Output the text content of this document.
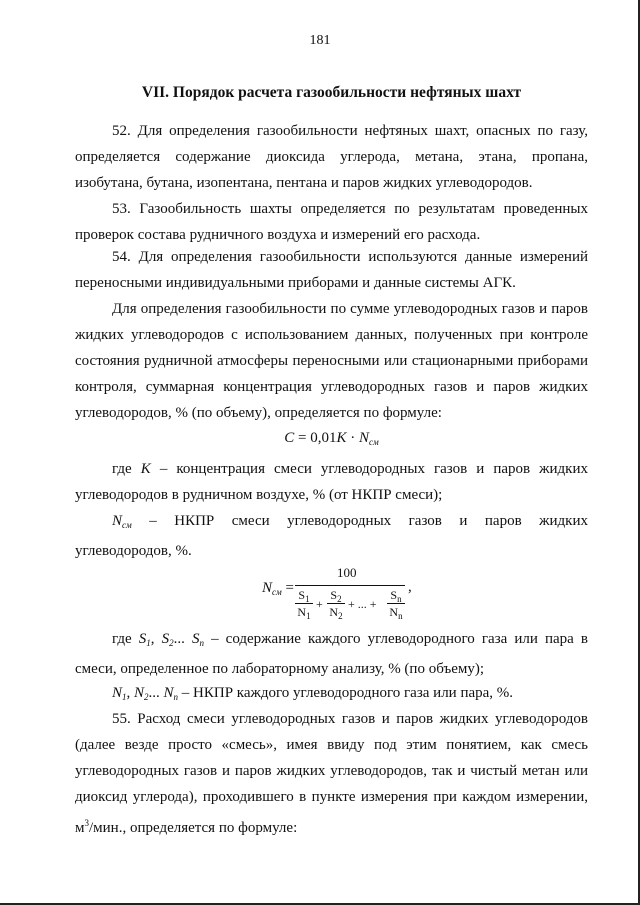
181
VII. Порядок расчета газообильности нефтяных шахт
52. Для определения газообильности нефтяных шахт, опасных по газу, определяется содержание диоксида углерода, метана, этана, пропана, изобутана, бутана, изопентана, пентана и паров жидких углеводородов.
53. Газообильность шахты определяется по результатам проведенных проверок состава рудничного воздуха и измерений его расхода.
54. Для определения газообильности используются данные измерений переносными индивидуальными приборами и данные системы АГК.
Для определения газообильности по сумме углеводородных газов и паров жидких углеводородов с использованием данных, полученных при контроле состояния рудничной атмосферы переносными или стационарными приборами контроля, суммарная концентрация углеводородных газов и паров жидких углеводородов, % (по объему), определяется по формуле:
$C = 0,01K \cdot N_{см}$
где K – концентрация смеси углеводородных газов и паров жидких углеводородов в рудничном воздухе, % (от НКПР смеси);
$N_{см}$ – НКПР смеси углеводородных газов и паров жидких
углеводородов, %.
$N_{см}$ =
100
$\frac{S_1}{N_1} + \frac{S_2}{N_2}$ + ... + $\frac{S_n}{N_n}$ ,
где $S_1$, $S_2$... $S_n$ – содержание каждого углеводородного газа или пара в смеси, определенное по лабораторному анализу, % (по объему);
$N_1$, $N_2$... $N_n$ – НКПР каждого углеводородного газа или пара, %.
55. Расход смеси углеводородных газов и паров жидких углеводородов (далее везде просто «смесь», имея ввиду под этим понятием, как смесь углеводородных газов и паров жидких углеводородов, так и чистый метан или диоксид углерода), проходившего в пункте измерения при каждом измерении, $м^3$/мин., определяется по формуле:
